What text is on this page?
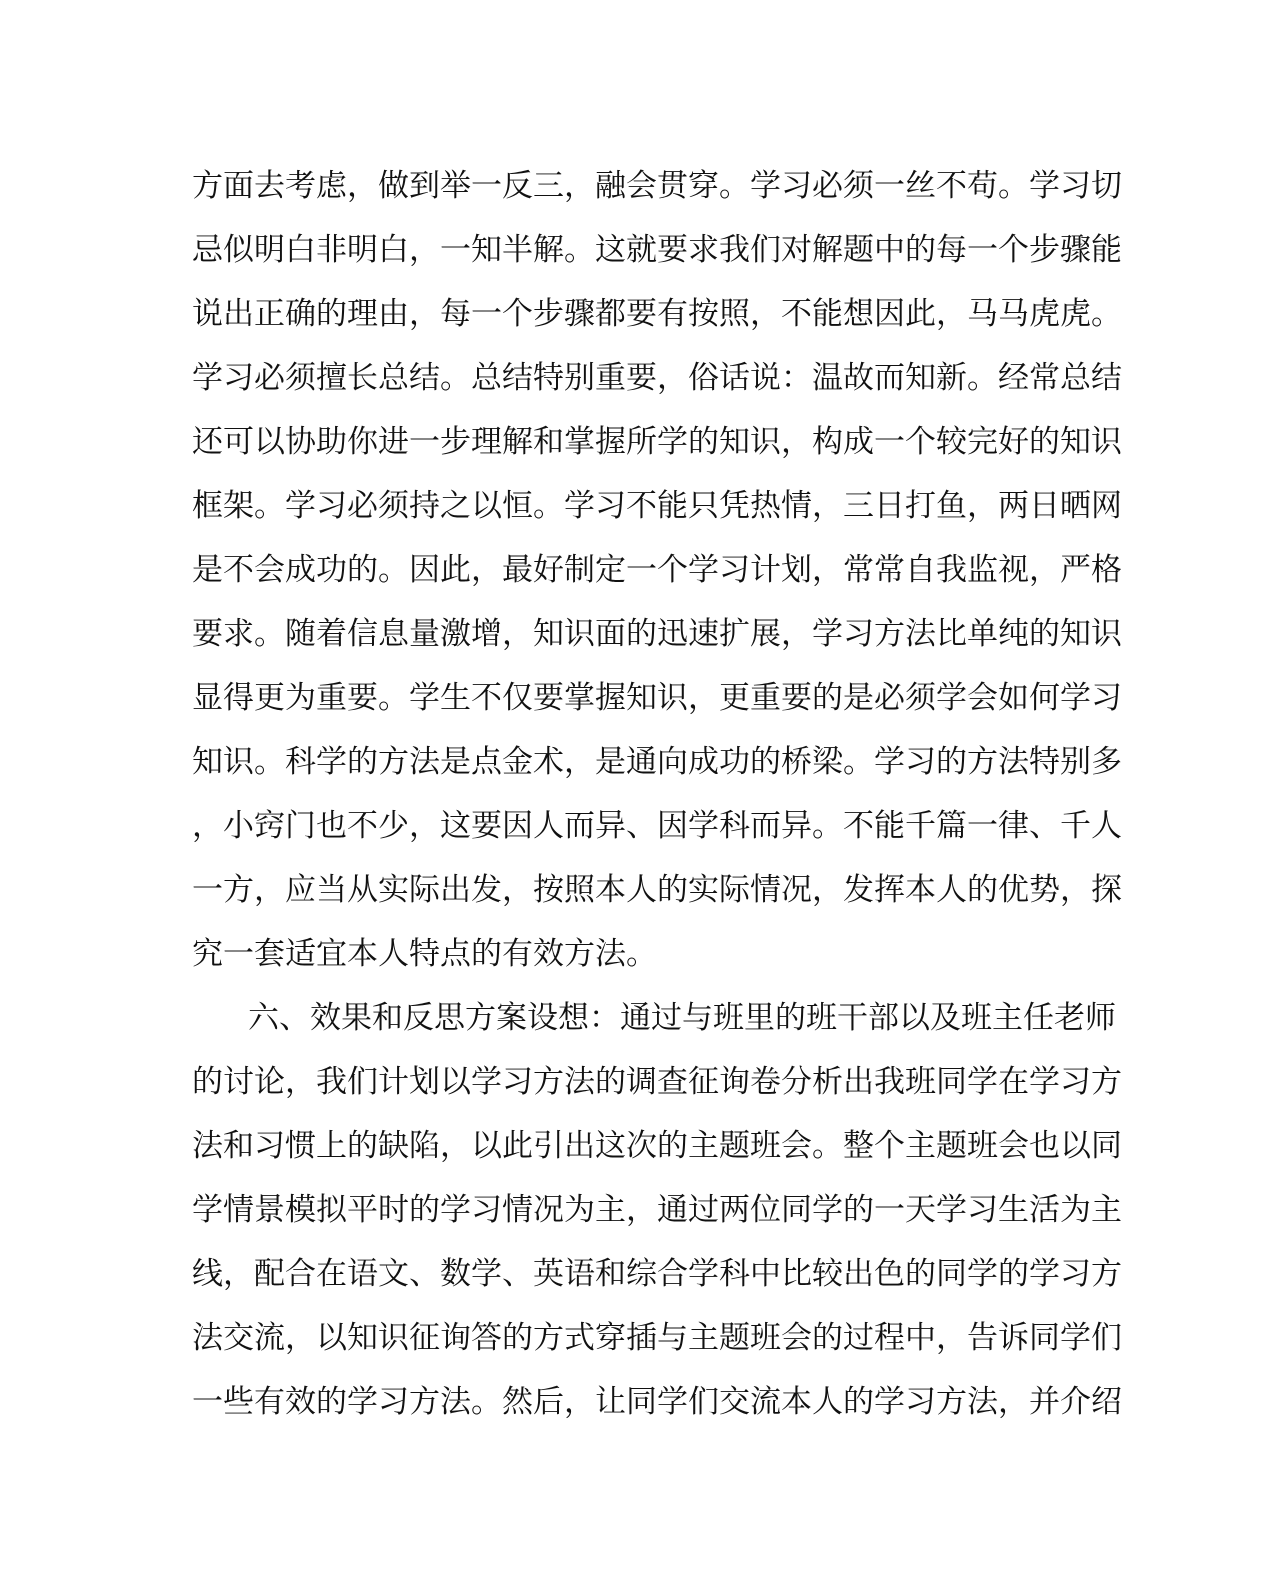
方面去考虑，做到举一反三，融会贯穿。学习必须一丝不苟。学习切
忌似明白非明白，一知半解。这就要求我们对解题中的每一个步骤能
说出正确的理由，每一个步骤都要有按照，不能想因此，马马虎虎。
学习必须擅长总结。总结特别重要，俗话说：温故而知新。经常总结
还可以协助你进一步理解和掌握所学的知识，构成一个较完好的知识
框架。学习必须持之以恒。学习不能只凭热情，三日打鱼，两日晒网
是不会成功的。因此，最好制定一个学习计划，常常自我监视，严格
要求。随着信息量激增，知识面的迅速扩展，学习方法比单纯的知识
显得更为重要。学生不仅要掌握知识，更重要的是必须学会如何学习
知识。科学的方法是点金术，是通向成功的桥梁。学习的方法特别多
，小窍门也不少，这要因人而异、因学科而异。不能千篇一律、千人
一方，应当从实际出发，按照本人的实际情况，发挥本人的优势，探
究一套适宜本人特点的有效方法。
六、效果和反思方案设想：通过与班里的班干部以及班主任老师
的讨论，我们计划以学习方法的调查征询卷分析出我班同学在学习方
法和习惯上的缺陷，以此引出这次的主题班会。整个主题班会也以同
学情景模拟平时的学习情况为主，通过两位同学的一天学习生活为主
线，配合在语文、数学、英语和综合学科中比较出色的同学的学习方
法交流，以知识征询答的方式穿插与主题班会的过程中，告诉同学们
一些有效的学习方法。然后，让同学们交流本人的学习方法，并介绍
